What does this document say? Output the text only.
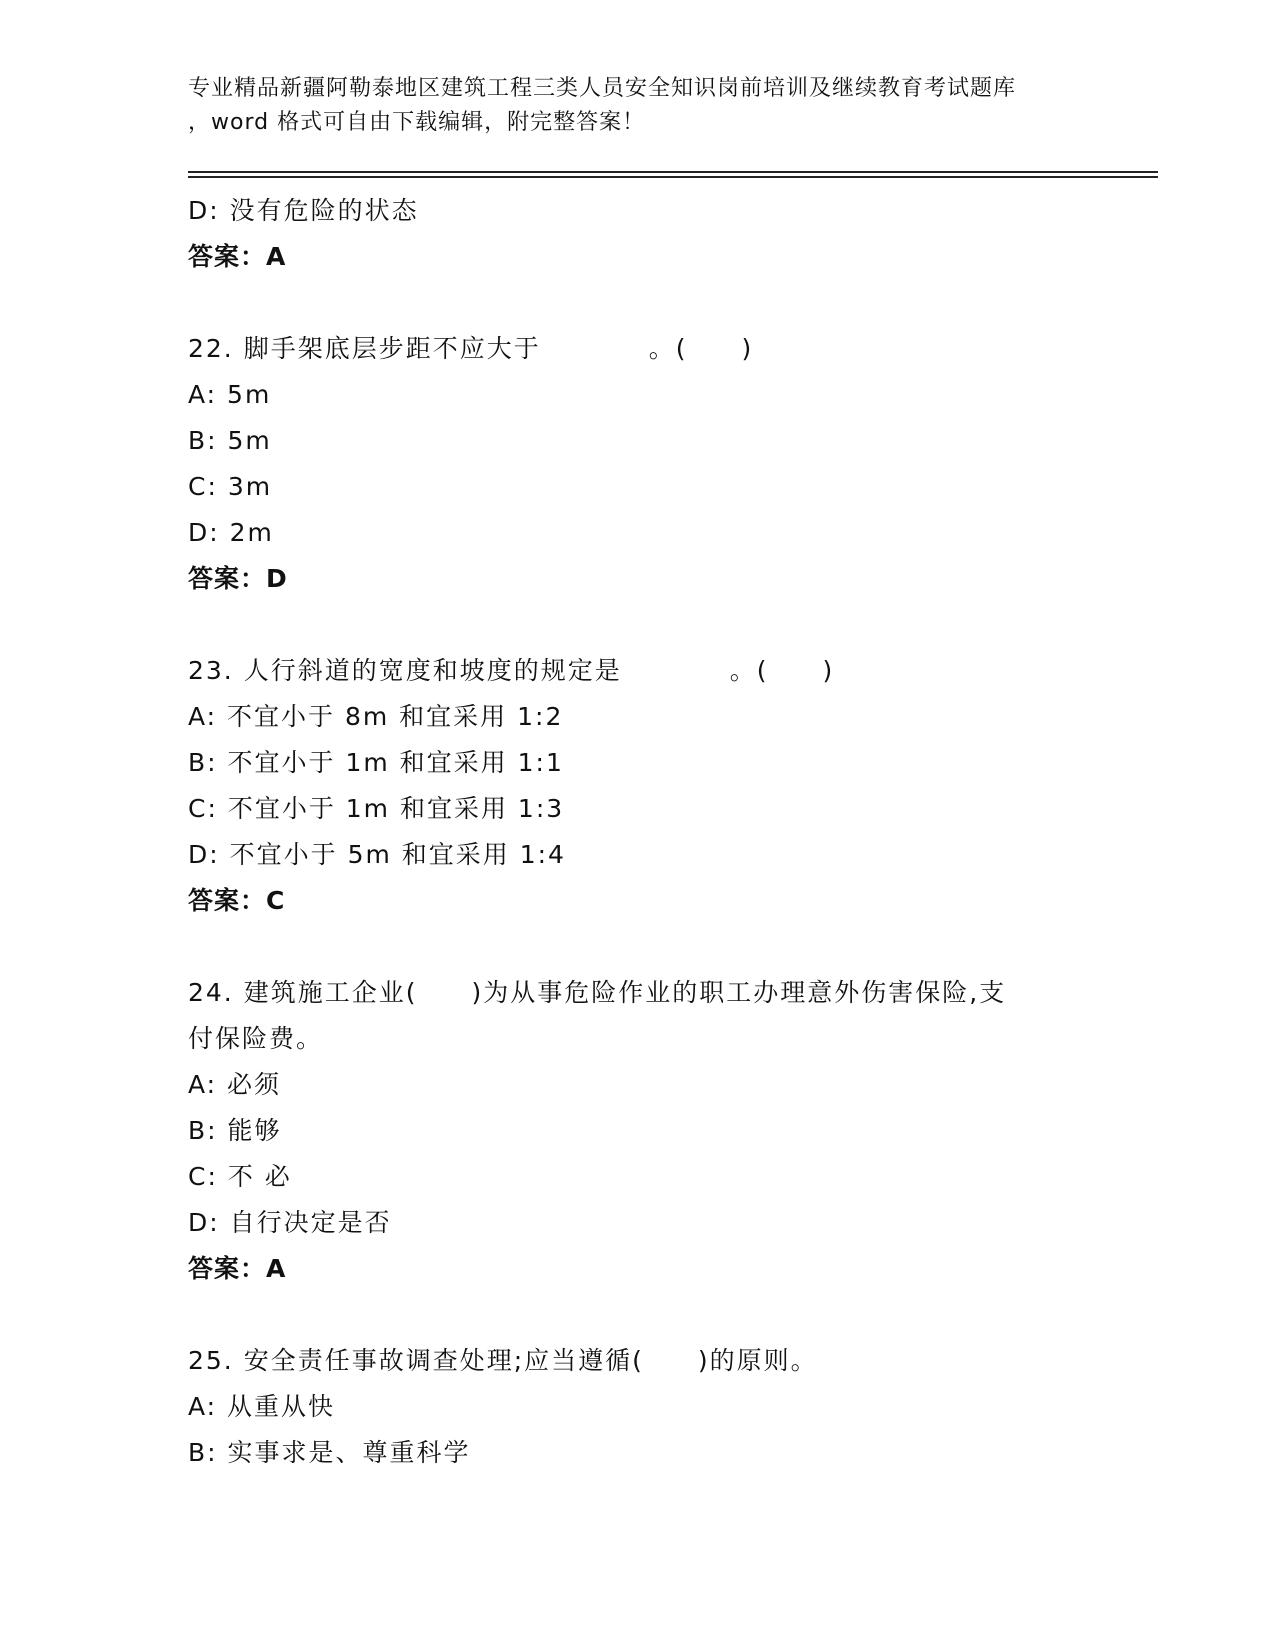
专业精品新疆阿勒泰地区建筑工程三类人员安全知识岗前培训及继续教育考试题库
，word 格式可自由下载编辑，附完整答案！
D: 没有危险的状态
答案：A
22. 脚手架底层步距不应大于　　　　。(　　)
A: 5m
B: 5m
C: 3m
D: 2m
答案：D
23. 人行斜道的宽度和坡度的规定是　　　　。(　　)
A: 不宜小于 8m 和宜采用 1:2
B: 不宜小于 1m 和宜采用 1:1
C: 不宜小于 1m 和宜采用 1:3
D: 不宜小于 5m 和宜采用 1:4
答案：C
24. 建筑施工企业(　　)为从事危险作业的职工办理意外伤害保险,支
付保险费。
A: 必须
B: 能够
C: 不 必
D: 自行决定是否
答案：A
25. 安全责任事故调查处理;应当遵循(　　)的原则。
A: 从重从快
B: 实事求是、尊重科学
